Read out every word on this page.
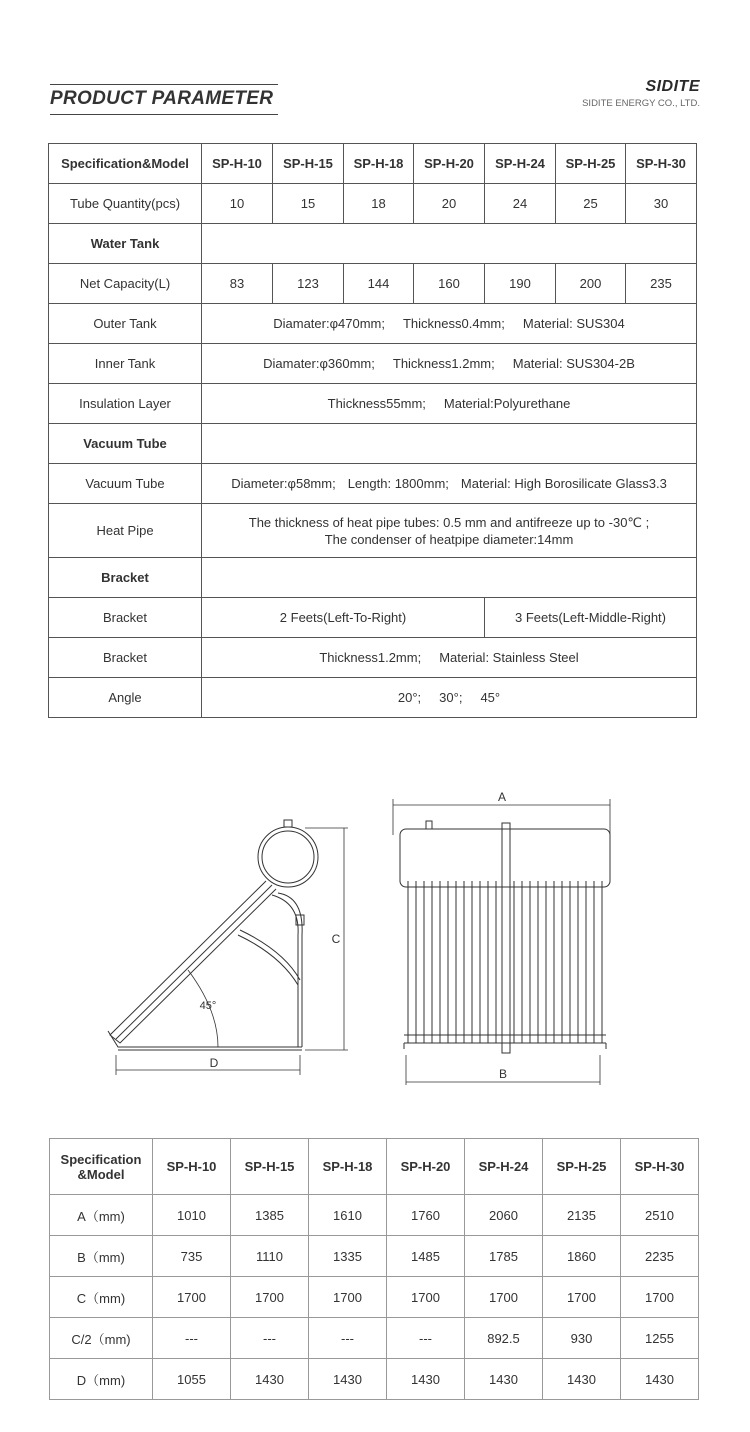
PRODUCT PARAMETER
SIDITE
SIDITE ENERGY CO., LTD.
Specification&Model	SP-H-10	SP-H-15	SP-H-18	SP-H-20	SP-H-24	SP-H-25	SP-H-30
Tube Quantity(pcs)	10	15	18	20	24	25	30
Water Tank							
Net Capacity(L)	83	123	144	160	190	200	235
Outer Tank	Diamater:φ470mm; Thickness0.4mm; Material: SUS304						
Inner Tank	Diamater:φ360mm; Thickness1.2mm; Material: SUS304-2B						
Insulation Layer	Thickness55mm; Material:Polyurethane						
Vacuum Tube							
Vacuum Tube	Diameter:φ58mm; Length: 1800mm; Material: High Borosilicate Glass3.3						
Heat Pipe	The thickness of heat pipe tubes: 0.5 mm and antifreeze up to -30℃ ;
The condenser of heatpipe diameter:14mm						

Bracket							
Bracket	2 Feets(Left-To-Right)				3 Feets(Left-Middle-Right)		
Bracket	Thickness1.2mm; Material: Stainless Steel						
Angle	20°; 30°; 45°						
A
B
C
D
45°
Specification
&Model	SP-H-10	SP-H-15	SP-H-18	SP-H-20	SP-H-24	SP-H-25	SP-H-30
A（mm)	1010	1385	1610	1760	2060	2135	2510
B（mm)	735	1110	1335	1485	1785	1860	2235
C（mm)	1700	1700	1700	1700	1700	1700	1700
C/2（mm)	---	---	---	---	892.5	930	1255
D（mm)	1055	1430	1430	1430	1430	1430	1430
